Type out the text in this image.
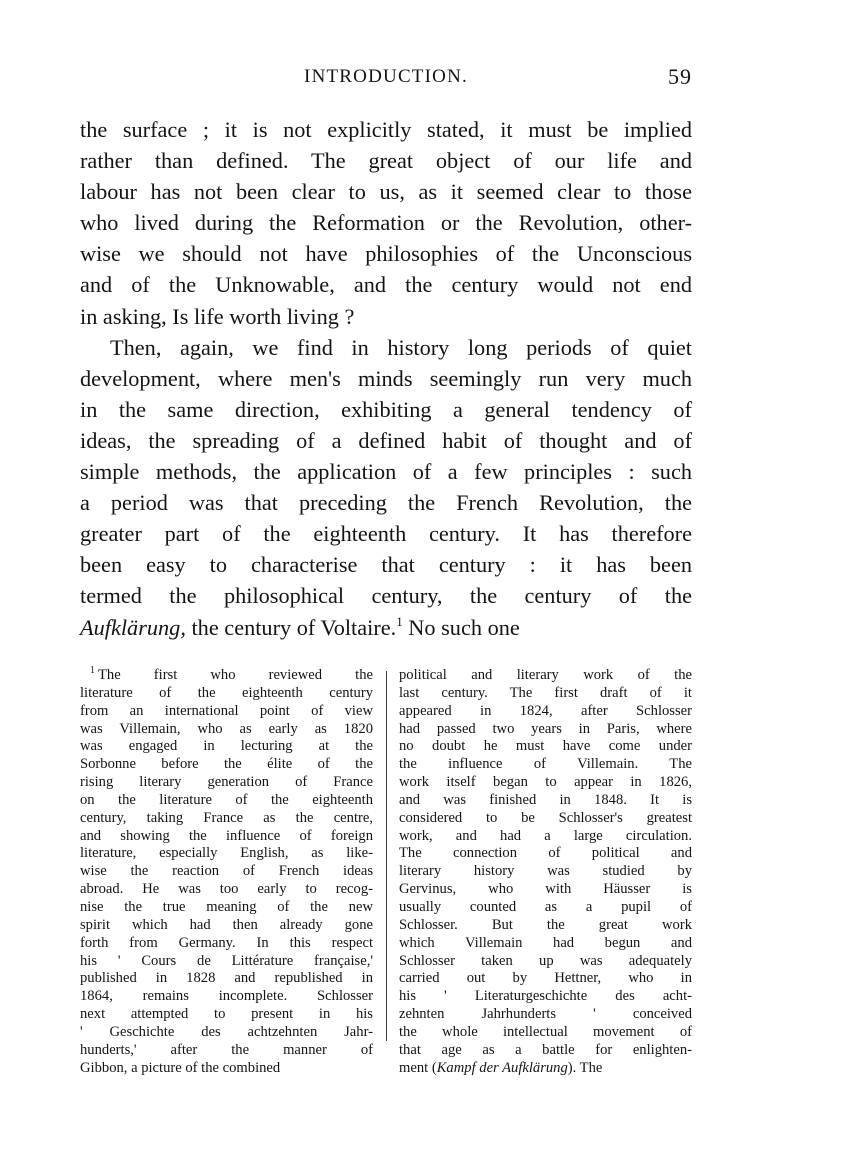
INTRODUCTION.	59
the surface ; it is not explicitly stated, it must be implied
rather than defined. The great object of our life and
labour has not been clear to us, as it seemed clear to those
who lived during the Reformation or the Revolution, other-
wise we should not have philosophies of the Unconscious
and of the Unknowable, and the century would not end
in asking, Is life worth living ?
Then, again, we find in history long periods of quiet
development, where men's minds seemingly run very much
in the same direction, exhibiting a general tendency of
ideas, the spreading of a defined habit of thought and of
simple methods, the application of a few principles : such
a period was that preceding the French Revolution, the
greater part of the eighteenth century. It has therefore
been easy to characterise that century : it has been
termed the philosophical century, the century of the
Aufklärung, the century of Voltaire.$^1$ No such one
$^1$ The first who reviewed the
literature of the eighteenth century
from an international point of view
was Villemain, who as early as 1820
was engaged in lecturing at the
Sorbonne before the élite of the
rising literary generation of France
on the literature of the eighteenth
century, taking France as the centre,
and showing the influence of foreign
literature, especially English, as like-
wise the reaction of French ideas
abroad. He was too early to recog-
nise the true meaning of the new
spirit which had then already gone
forth from Germany. In this respect
his ' Cours de Littérature française,'
published in 1828 and republished in
1864, remains incomplete. Schlosser
next attempted to present in his
' Geschichte des achtzehnten Jahr-
hunderts,' after the manner of
Gibbon, a picture of the combined
political and literary work of the
last century. The first draft of it
appeared in 1824, after Schlosser
had passed two years in Paris, where
no doubt he must have come under
the influence of Villemain. The
work itself began to appear in 1826,
and was finished in 1848. It is
considered to be Schlosser's greatest
work, and had a large circulation.
The connection of political and
literary history was studied by
Gervinus, who with Häusser is
usually counted as a pupil of
Schlosser. But the great work
which Villemain had begun and
Schlosser taken up was adequately
carried out by Hettner, who in
his ' Literaturgeschichte des acht-
zehnten Jahrhunderts ' conceived
the whole intellectual movement of
that age as a battle for enlighten-
ment (Kampf der Aufklärung). The
